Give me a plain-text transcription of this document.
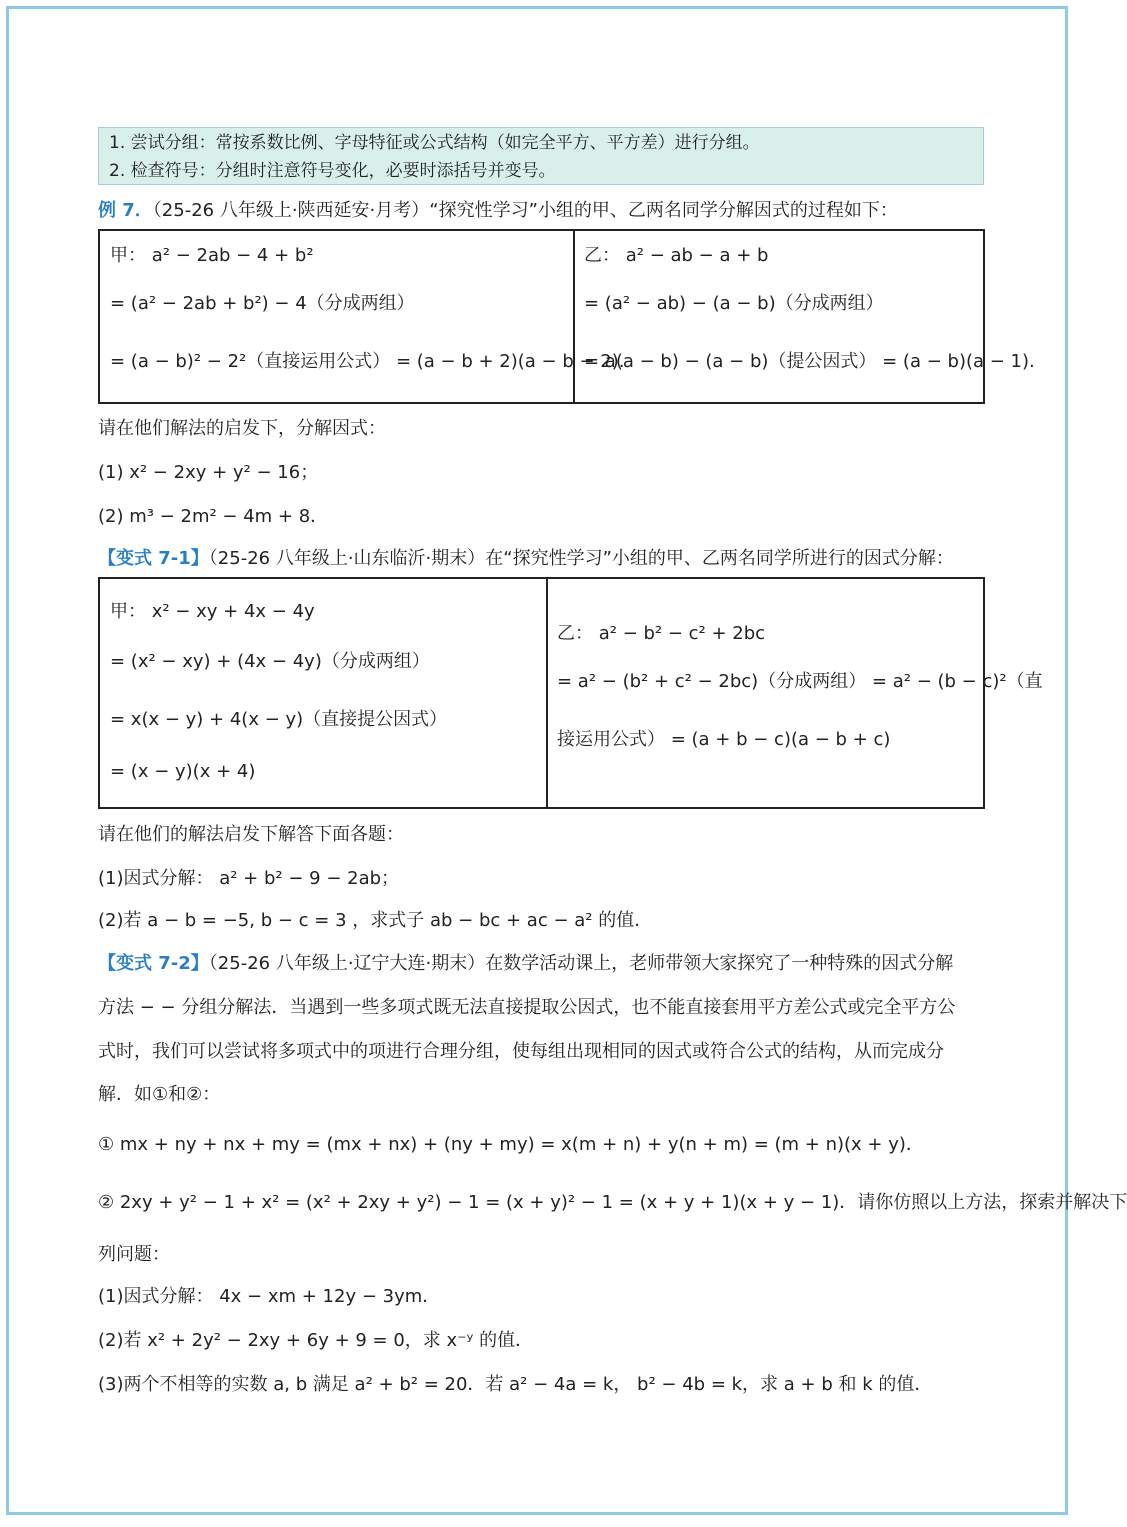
1. 尝试分组：常按系数比例、字母特征或公式结构（如完全平方、平方差）进行分组。
2. 检查符号：分组时注意符号变化，必要时添括号并变号。
例 7．（25-26 八年级上·陕西延安·月考）“探究性学习”小组的甲、乙两名同学分解因式的过程如下：
甲： a² − 2ab − 4 + b²
= (a² − 2ab + b²) − 4（分成两组）
= (a − b)² − 2²（直接运用公式） = (a − b + 2)(a − b − 2).
乙： a² − ab − a + b
= (a² − ab) − (a − b)（分成两组）
= a(a − b) − (a − b)（提公因式） = (a − b)(a − 1).
请在他们解法的启发下，分解因式：
(1) x² − 2xy + y² − 16；
(2) m³ − 2m² − 4m + 8．
【变式 7-1】（25-26 八年级上·山东临沂·期末）在“探究性学习”小组的甲、乙两名同学所进行的因式分解：
甲： x² − xy + 4x − 4y
= (x² − xy) + (4x − 4y)（分成两组）
= x(x − y) + 4(x − y)（直接提公因式）
= (x − y)(x + 4)
乙： a² − b² − c² + 2bc
= a² − (b² + c² − 2bc)（分成两组） = a² − (b − c)²（直
接运用公式） = (a + b − c)(a − b + c)
请在他们的解法启发下解答下面各题：
(1)因式分解： a² + b² − 9 − 2ab；
(2)若 a − b = −5, b − c = 3 ，求式子 ab − bc + ac − a² 的值．
【变式 7-2】（25-26 八年级上·辽宁大连·期末）在数学活动课上，老师带领大家探究了一种特殊的因式分解
方法 − − 分组分解法．当遇到一些多项式既无法直接提取公因式，也不能直接套用平方差公式或完全平方公
式时，我们可以尝试将多项式中的项进行合理分组，使每组出现相同的因式或符合公式的结构，从而完成分
解．如①和②：
① mx + ny + nx + my = (mx + nx) + (ny + my) = x(m + n) + y(n + m) = (m + n)(x + y)．
② 2xy + y² − 1 + x² = (x² + 2xy + y²) − 1 = (x + y)² − 1 = (x + y + 1)(x + y − 1)．请你仿照以上方法，探索并解决下
列问题：
(1)因式分解： 4x − xm + 12y − 3ym．
(2)若 x² + 2y² − 2xy + 6y + 9 = 0，求 x⁻ʸ 的值．
(3)两个不相等的实数 a, b 满足 a² + b² = 20．若 a² − 4a = k， b² − 4b = k，求 a + b 和 k 的值．
